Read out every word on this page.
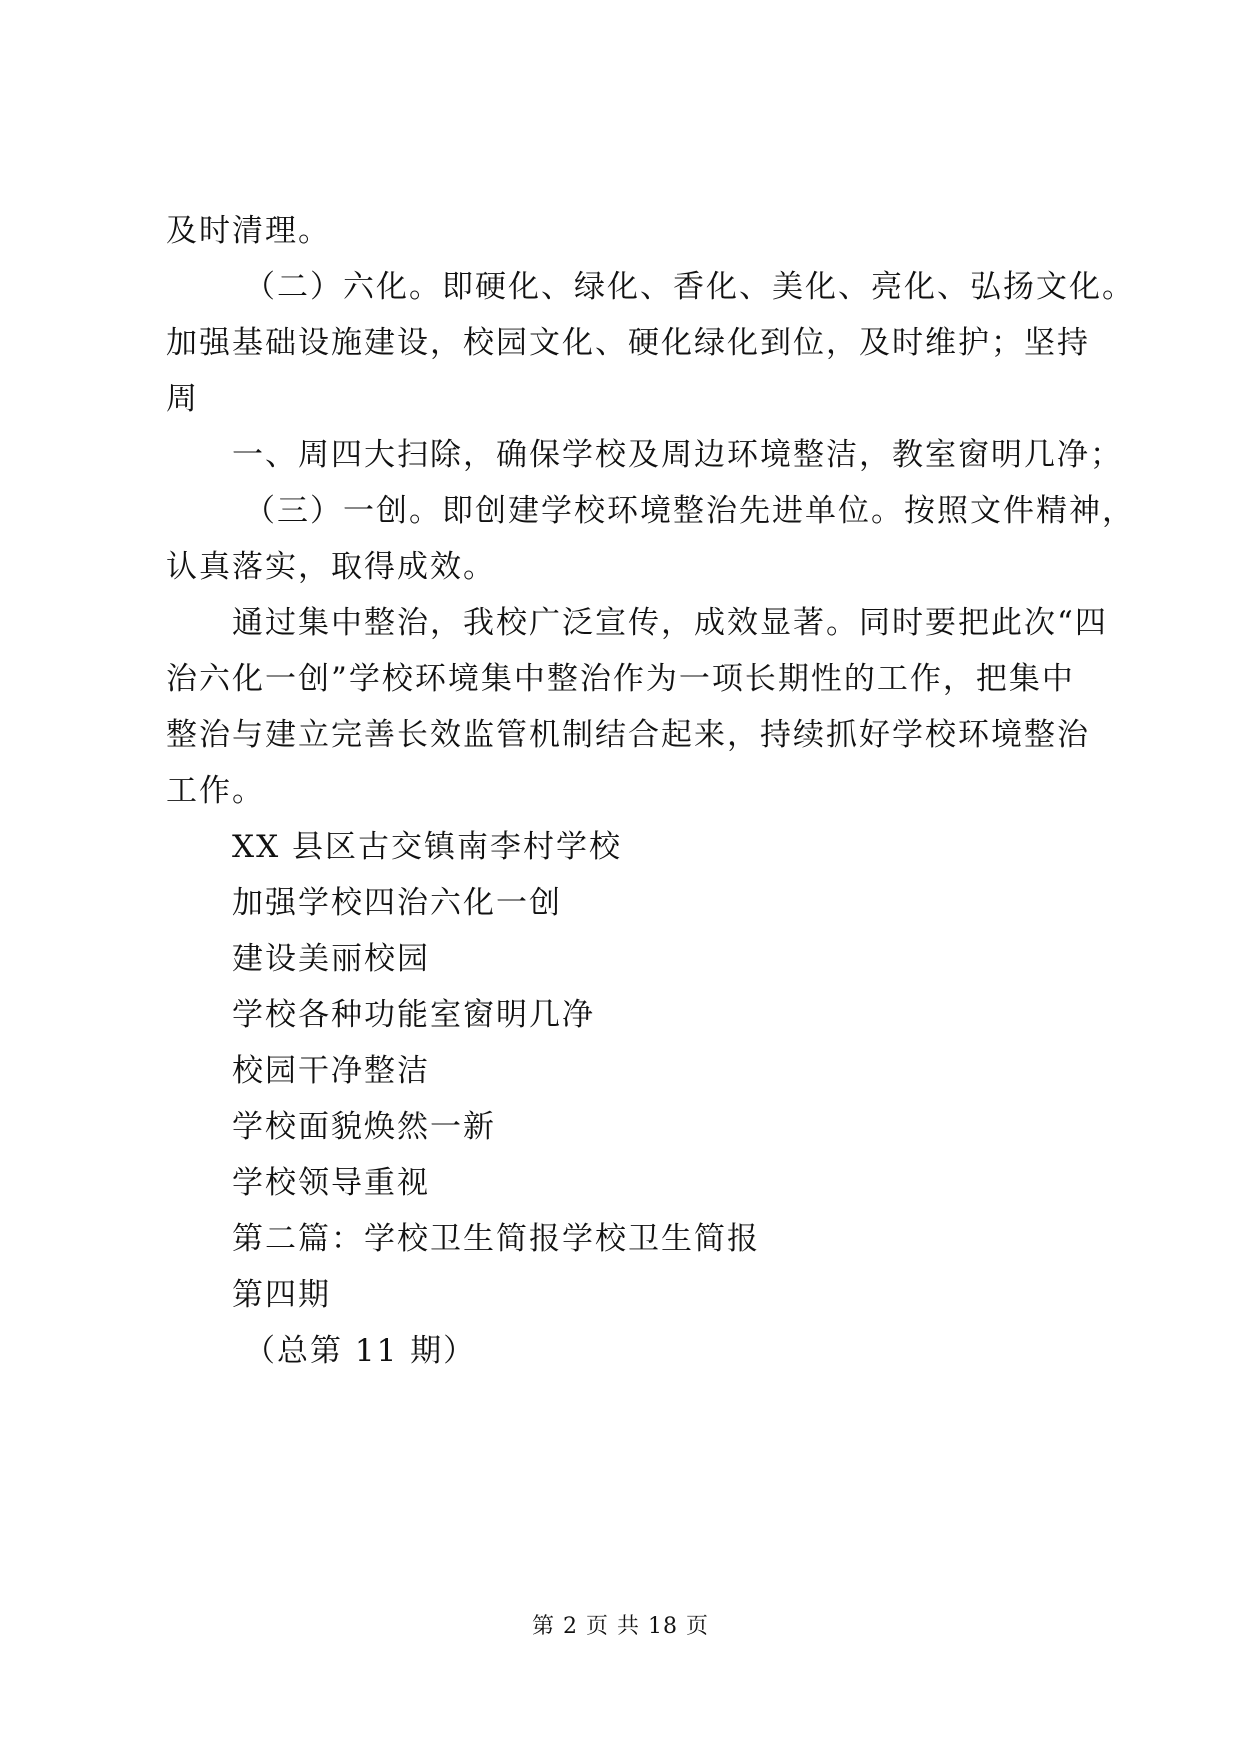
及时清理。
（二）六化。即硬化、绿化、香化、美化、亮化、弘扬文化。
加强基础设施建设，校园文化、硬化绿化到位，及时维护；坚持
周
一、周四大扫除，确保学校及周边环境整洁，教室窗明几净；
（三）一创。即创建学校环境整治先进单位。按照文件精神，
认真落实，取得成效。
通过集中整治，我校广泛宣传，成效显著。同时要把此次“四
治六化一创”学校环境集中整治作为一项长期性的工作，把集中
整治与建立完善长效监管机制结合起来，持续抓好学校环境整治
工作。
XX 县区古交镇南李村学校
加强学校四治六化一创
建设美丽校园
学校各种功能室窗明几净
校园干净整洁
学校面貌焕然一新
学校领导重视
第二篇：学校卫生简报学校卫生简报
第四期
（总第 11 期）
第 2 页 共 18 页
